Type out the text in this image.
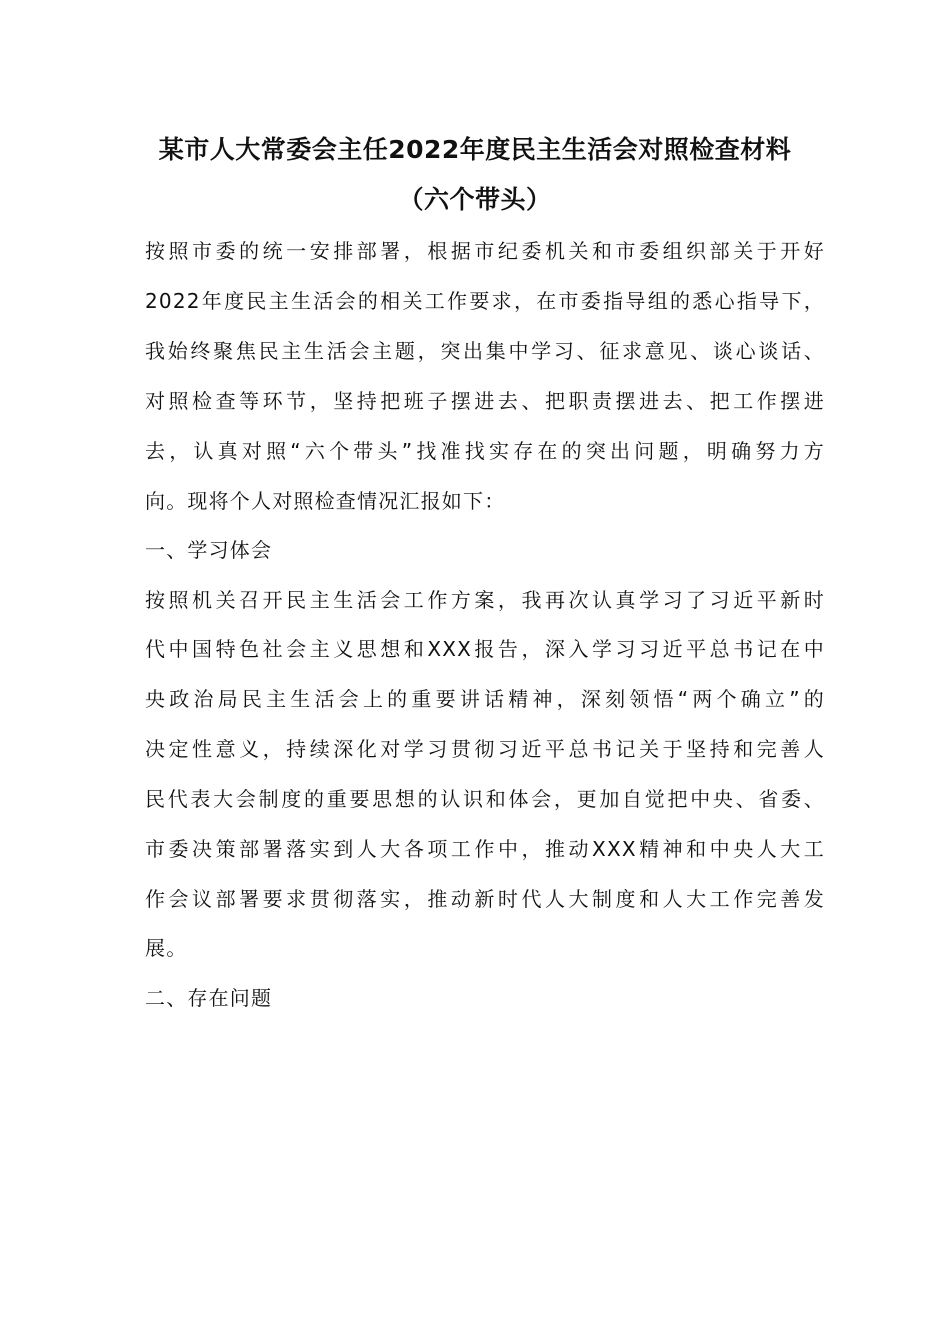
某市人大常委会主任2022年度民主生活会对照检查材料
（六个带头）
按照市委的统一安排部署，根据市纪委机关和市委组织部关于开好
2022年度民主生活会的相关工作要求，在市委指导组的悉心指导下，
我始终聚焦民主生活会主题，突出集中学习、征求意见、谈心谈话、
对照检查等环节，坚持把班子摆进去、把职责摆进去、把工作摆进
去，认真对照“六个带头”找准找实存在的突出问题，明确努力方
向。现将个人对照检查情况汇报如下：
一、学习体会
按照机关召开民主生活会工作方案，我再次认真学习了习近平新时
代中国特色社会主义思想和XXX报告，深入学习习近平总书记在中
央政治局民主生活会上的重要讲话精神，深刻领悟“两个确立”的
决定性意义，持续深化对学习贯彻习近平总书记关于坚持和完善人
民代表大会制度的重要思想的认识和体会，更加自觉把中央、省委、
市委决策部署落实到人大各项工作中，推动XXX精神和中央人大工
作会议部署要求贯彻落实，推动新时代人大制度和人大工作完善发
展。
二、存在问题
